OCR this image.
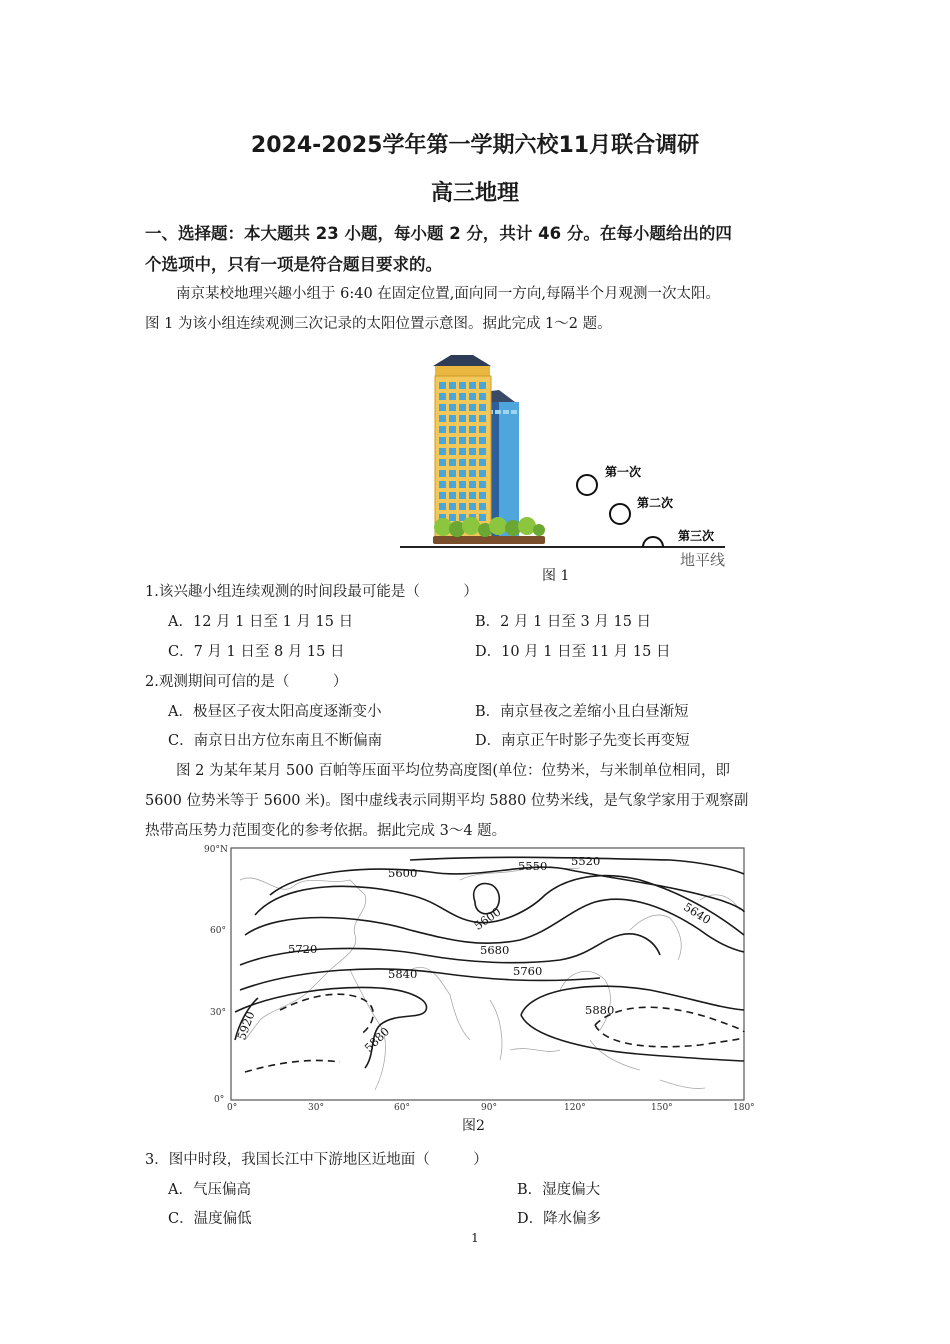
2024-2025学年第一学期六校11月联合调研
高三地理
一、选择题：本大题共 23 小题，每小题 2 分，共计 46 分。在每小题给出的四
个选项中，只有一项是符合题目要求的。
南京某校地理兴趣小组于 6:40 在固定位置,面向同一方向,每隔半个月观测一次太阳。
图 1 为该小组连续观测三次记录的太阳位置示意图。据此完成 1～2 题。
第一次
第二次
第三次
地平线
图 1
1.该兴趣小组连续观测的时间段最可能是（　　　）
A．12 月 1 日至 1 月 15 日	B．2 月 1 日至 3 月 15 日
C．7 月 1 日至 8 月 15 日	D．10 月 1 日至 11 月 15 日
2.观测期间可信的是（　　　）
A．极昼区子夜太阳高度逐渐变小	B．南京昼夜之差缩小且白昼渐短
C．南京日出方位东南且不断偏南	D．南京正午时影子先变长再变短
图 2 为某年某月 500 百帕等压面平均位势高度图(单位：位势米，与米制单位相同，即
5600 位势米等于 5600 米)。图中虚线表示同期平均 5880 位势米线，是气象学家用于观察副
热带高压势力范围变化的参考依据。据此完成 3～4 题。
90°N
60°
30°
0°
0°	30°	60°	90°	120°	150°	180°
5520
5550
5600
5600	5640
5680
5720
5760
5840
5880
5880
5920
图2
3．图中时段，我国长江中下游地区近地面（　　　）
A．气压偏高	B．湿度偏大
C．温度偏低	D．降水偏多
1
